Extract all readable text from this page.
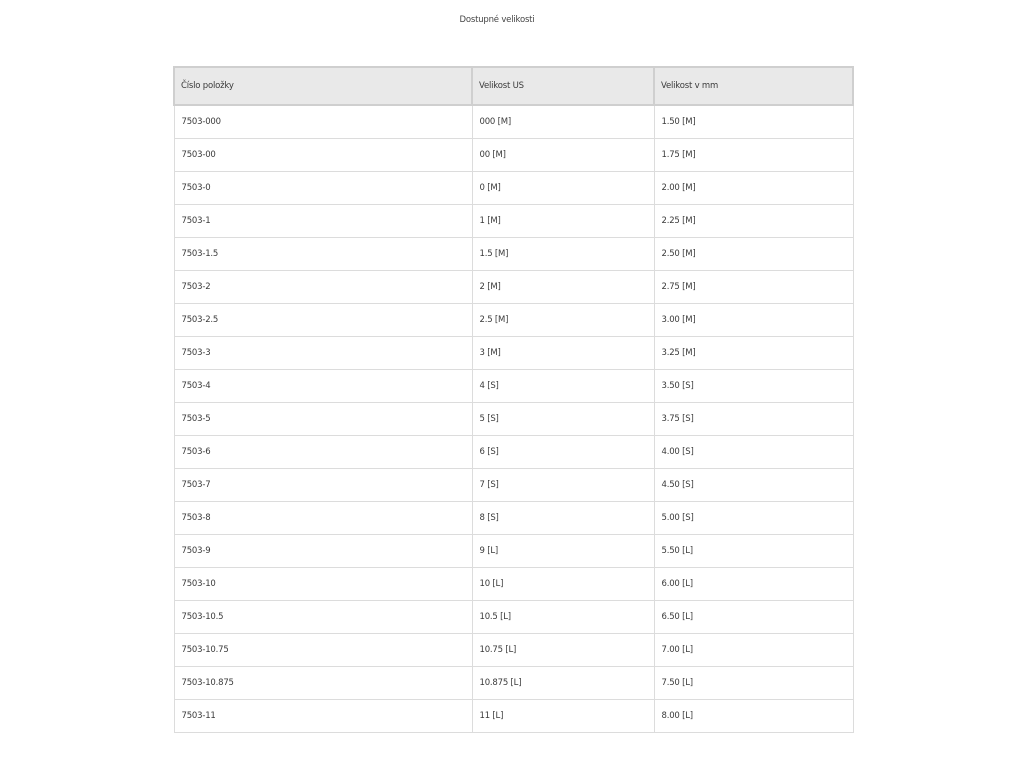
Dostupné velikosti
Číslo položky	Velikost US	Velikost v mm
7503-000	000 [M]	1.50 [M]
7503-00	00 [M]	1.75 [M]
7503-0	0 [M]	2.00 [M]
7503-1	1 [M]	2.25 [M]
7503-1.5	1.5 [M]	2.50 [M]
7503-2	2 [M]	2.75 [M]
7503-2.5	2.5 [M]	3.00 [M]
7503-3	3 [M]	3.25 [M]
7503-4	4 [S]	3.50 [S]
7503-5	5 [S]	3.75 [S]
7503-6	6 [S]	4.00 [S]
7503-7	7 [S]	4.50 [S]
7503-8	8 [S]	5.00 [S]
7503-9	9 [L]	5.50 [L]
7503-10	10 [L]	6.00 [L]
7503-10.5	10.5 [L]	6.50 [L]
7503-10.75	10.75 [L]	7.00 [L]
7503-10.875	10.875 [L]	7.50 [L]
7503-11	11 [L]	8.00 [L]
